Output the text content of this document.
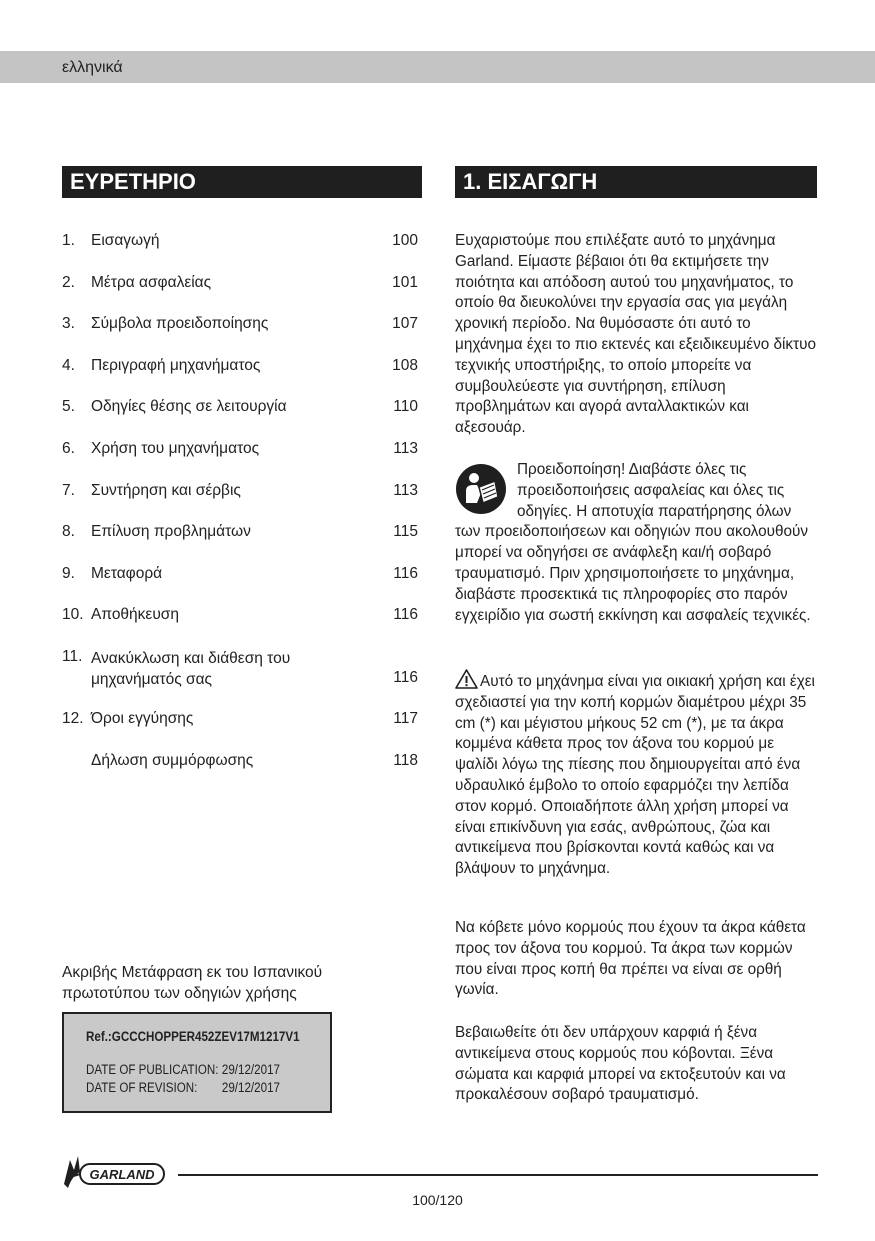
ελληνικά
ΕΥΡΕΤΗΡΙΟ	1. ΕΙΣΑΓΩΓΗ
1. Εισαγωγή	100
2. Μέτρα ασφαλείας	101
3. Σύμβολα προειδοποίησης	107
4. Περιγραφή μηχανήματος	108
5. Οδηγίες θέσης σε λειτουργία	110
6. Χρήση του μηχανήματος	113
7. Συντήρηση και σέρβις	113
8. Επίλυση προβλημάτων	115
9. Μεταφορά	116
10. Αποθήκευση	116
11. Ανακύκλωση και διάθεση του
μηχανήματός σας	116
12. Όροι εγγύησης	117
Δήλωση συμμόρφωσης	118
Ακριβής Μετάφραση εκ του Ισπανικού πρωτοτύπου των οδηγιών χρήσης
Ref.:GCCCHOPPER452ZEV17M1217V1
DATE OF PUBLICATION: 29/12/2017
DATE OF REVISION: 29/12/2017
Ευχαριστούμε που επιλέξατε αυτό το μηχάνημα Garland. Είμαστε βέβαιοι ότι θα εκτιμήσετε την ποιότητα και απόδοση αυτού του μηχανήματος, το οποίο θα διευκολύνει την εργασία σας για μεγάλη χρονική περίοδο. Να θυμόσαστε ότι αυτό το μηχάνημα έχει το πιο εκτενές και εξειδικευμένο δίκτυο τεχνικής υποστήριξης, το οποίο μπορείτε να συμβουλεύεστε για συντήρηση, επίλυση προβλημάτων και αγορά ανταλλακτικών και αξεσουάρ.
Προειδοποίηση! Διαβάστε όλες τις προειδοποιήσεις ασφαλείας και όλες τις οδηγίες. Η αποτυχία παρατήρησης όλων των προειδοποιήσεων και οδηγιών που ακολουθούν μπορεί να οδηγήσει σε ανάφλεξη και/ή σοβαρό τραυματισμό. Πριν χρησιμοποιήσετε το μηχάνημα, διαβάστε προσεκτικά τις πληροφορίες στο παρόν εγχειρίδιο για σωστή εκκίνηση και ασφαλείς τεχνικές.
Αυτό το μηχάνημα είναι για οικιακή χρήση και έχει σχεδιαστεί για την κοπή κορμών διαμέτρου μέχρι 35 cm (*) και μέγιστου μήκους 52 cm (*), με τα άκρα κομμένα κάθετα προς τον άξονα του κορμού με ψαλίδι λόγω της πίεσης που δημιουργείται από ένα υδραυλικό έμβολο το οποίο εφαρμόζει την λεπίδα στον κορμό. Οποιαδήποτε άλλη χρήση μπορεί να είναι επικίνδυνη για εσάς, ανθρώπους, ζώα και αντικείμενα που βρίσκονται κοντά καθώς και να βλάψουν το μηχάνημα.
Να κόβετε μόνο κορμούς που έχουν τα άκρα κάθετα προς τον άξονα του κορμού. Τα άκρα των κορμών που είναι προς κοπή θα πρέπει να είναι σε ορθή γωνία.
Βεβαιωθείτε ότι δεν υπάρχουν καρφιά ή ξένα αντικείμενα στους κορμούς που κόβονται. Ξένα σώματα και καρφιά μπορεί να εκτοξευτούν και να προκαλέσουν σοβαρό τραυματισμό.
GARLAND
100/120
